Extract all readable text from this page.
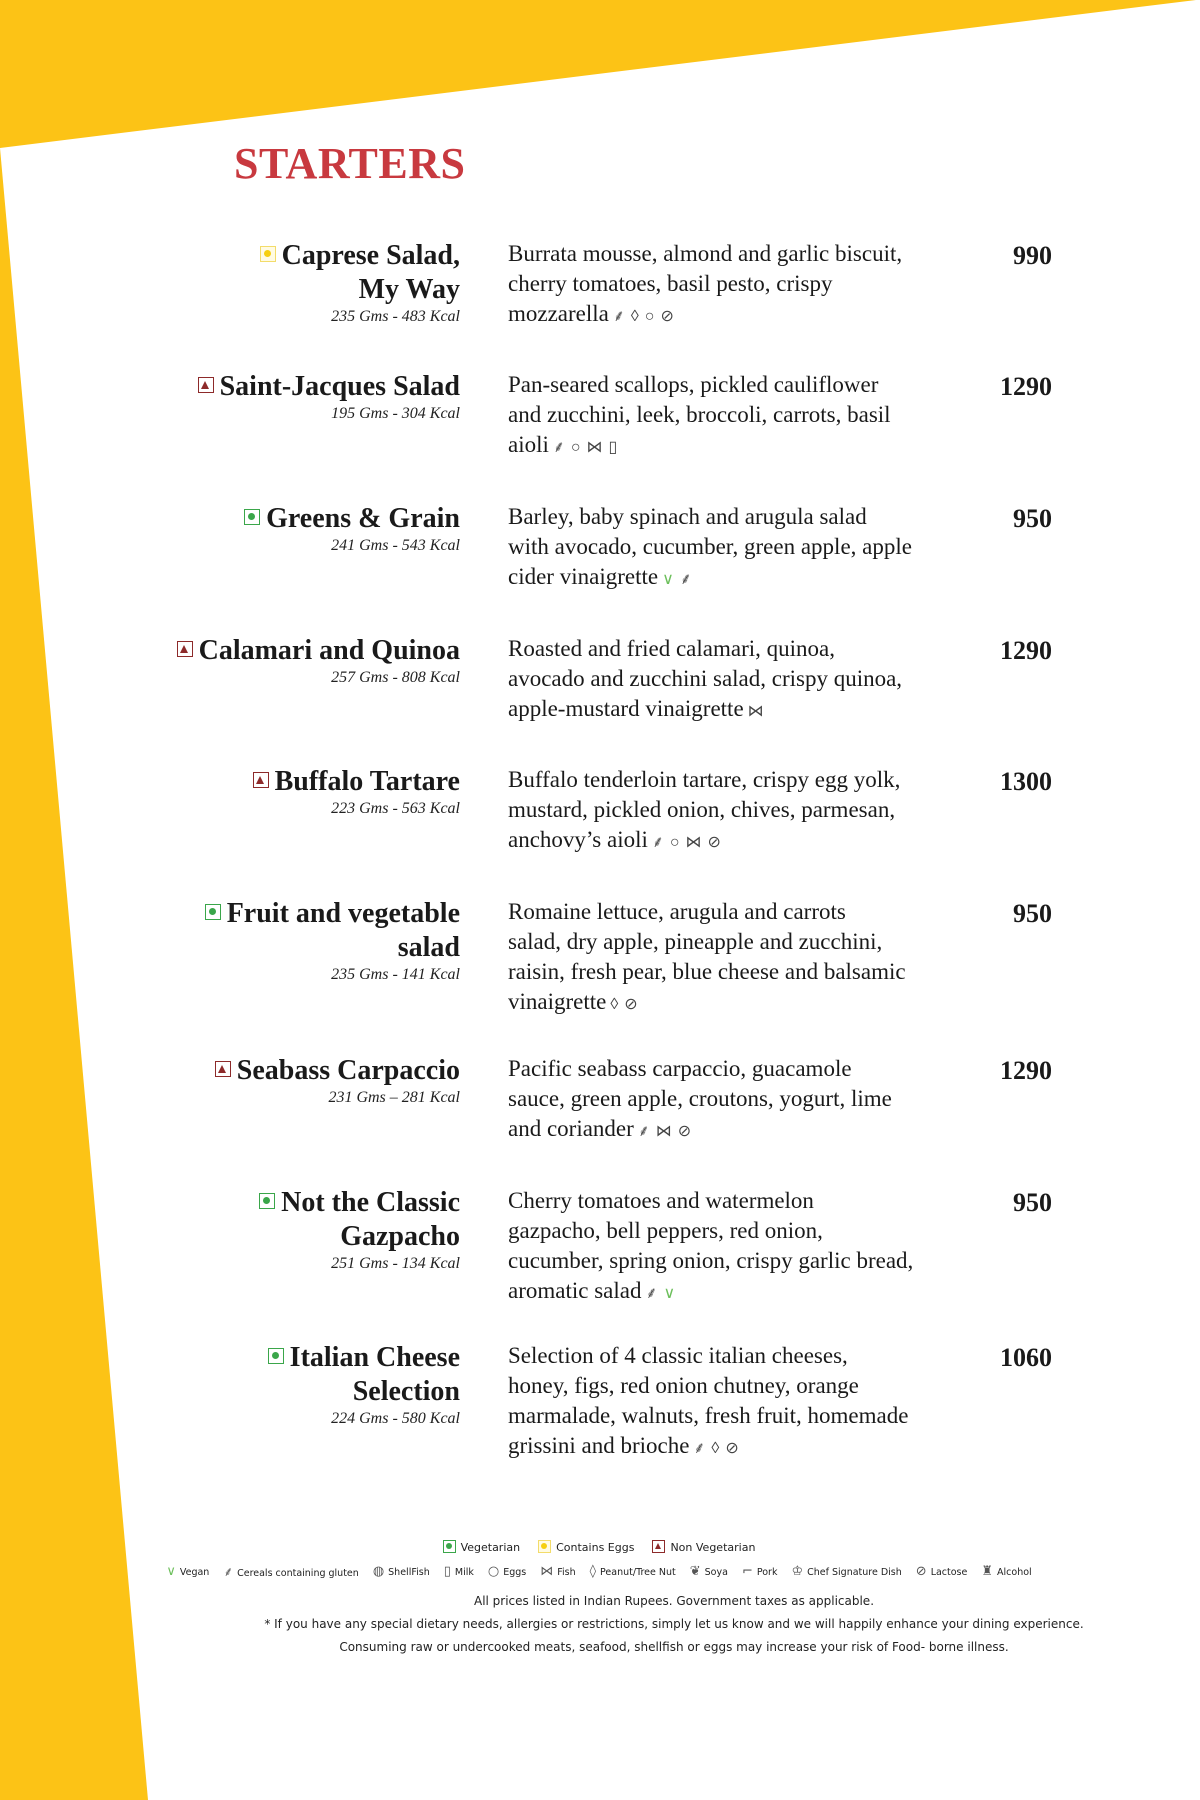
STARTERS
Caprese Salad,
My Way
235 Gms - 483 Kcal
Burrata mousse, almond and garlic biscuit,
cherry tomatoes, basil pesto, crispy
mozzarella ⸙ ◊ ○ ⊘
990
Saint-Jacques Salad
195 Gms - 304 Kcal
Pan-seared scallops, pickled cauliflower
and zucchini, leek, broccoli, carrots, basil
aioli ⸙ ○ ⋈ ▯
1290
Greens & Grain
241 Gms - 543 Kcal
Barley, baby spinach and arugula salad
with avocado, cucumber, green apple, apple
cider vinaigrette ∨ ⸙
950
Calamari and Quinoa
257 Gms - 808 Kcal
Roasted and fried calamari, quinoa,
avocado and zucchini salad, crispy quinoa,
apple-mustard vinaigrette ⋈
1290
Buffalo Tartare
223 Gms - 563 Kcal
Buffalo tenderloin tartare, crispy egg yolk,
mustard, pickled onion, chives, parmesan,
anchovy’s aioli ⸙ ○ ⋈ ⊘
1300
Fruit and vegetable
salad
235 Gms - 141 Kcal
Romaine lettuce, arugula and carrots
salad, dry apple, pineapple and zucchini,
raisin, fresh pear, blue cheese and balsamic
vinaigrette ◊ ⊘
950
Seabass Carpaccio
231 Gms – 281 Kcal
Pacific seabass carpaccio, guacamole
sauce, green apple, croutons, yogurt, lime
and coriander ⸙ ⋈ ⊘
1290
Not the Classic
Gazpacho
251 Gms - 134 Kcal
Cherry tomatoes and watermelon
gazpacho, bell peppers, red onion,
cucumber, spring onion, crispy garlic bread,
aromatic salad ⸙ ∨
950
Italian Cheese
Selection
224 Gms - 580 Kcal
Selection of 4 classic italian cheeses,
honey, figs, red onion chutney, orange
marmalade, walnuts, fresh fruit, homemade
grissini and brioche ⸙ ◊ ⊘
1060
Vegetarian	Contains Eggs	Non Vegetarian
∨ Vegan ⸙ Cereals containing gluten ◍ ShellFish ▯ Milk ○ Eggs ⋈ Fish ◊ Peanut/Tree Nut ❦ Soya ⌐ Pork ♔ Chef Signature Dish ⊘ Lactose ♜ Alcohol
All prices listed in Indian Rupees. Government taxes as applicable.
* If you have any special dietary needs, allergies or restrictions, simply let us know and we will happily enhance your dining experience.
Consuming raw or undercooked meats, seafood, shellfish or eggs may increase your risk of Food- borne illness.
